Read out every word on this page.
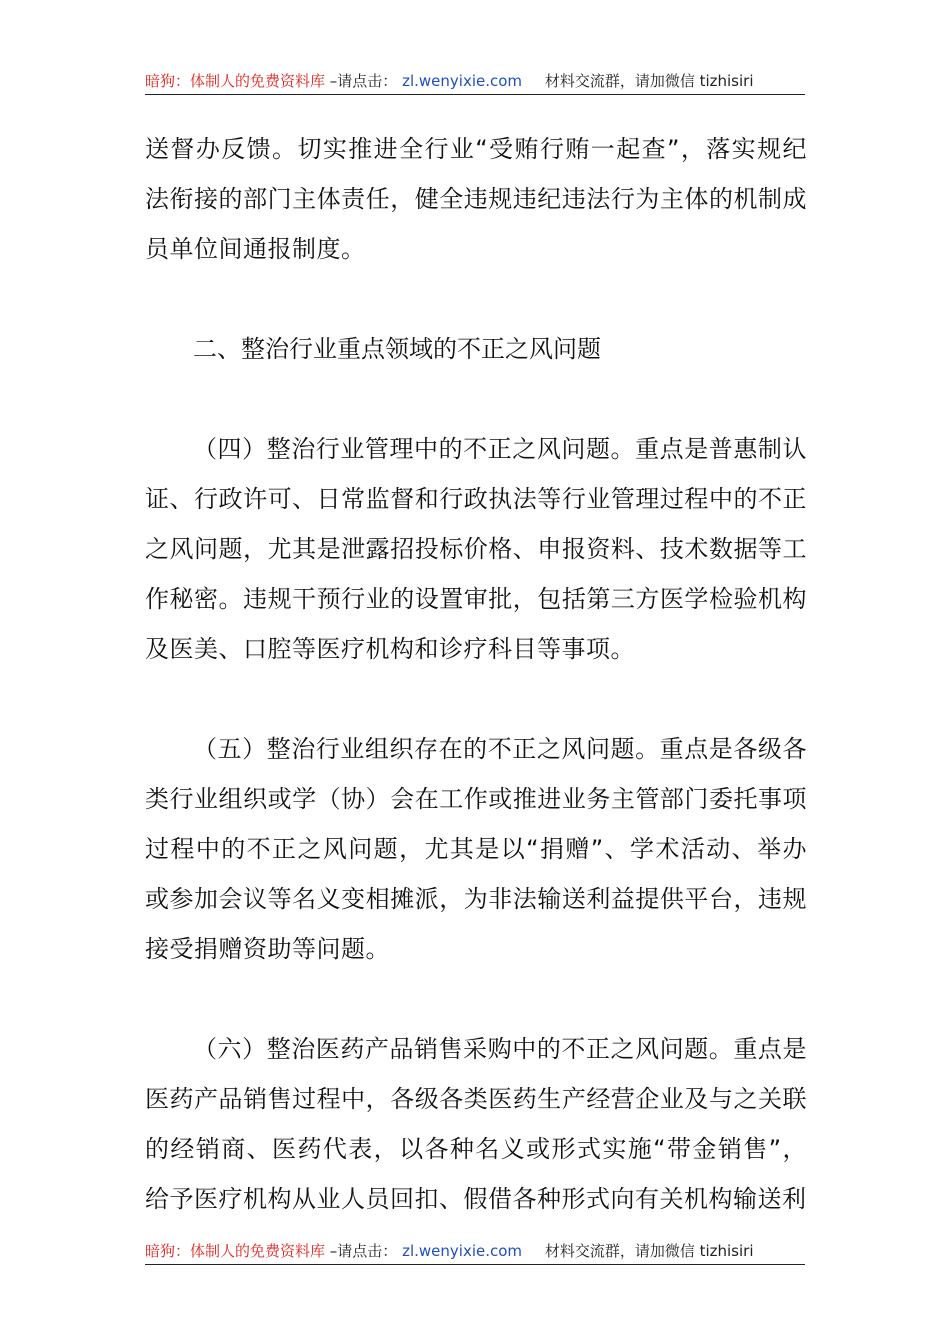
暗狗：体制人的免费资料库 –请点击： zl.wenyixie.com 材料交流群，请加微信 tizhisiri

送督办反馈。切实推进全行业“受贿行贿一起查”，落实规纪法衔接的部门主体责任，健全违规违纪违法行为主体的机制成员单位间通报制度。

二、整治行业重点领域的不正之风问题

（四）整治行业管理中的不正之风问题。重点是普惠制认证、行政许可、日常监督和行政执法等行业管理过程中的不正之风问题，尤其是泄露招投标价格、申报资料、技术数据等工作秘密。违规干预行业的设置审批，包括第三方医学检验机构及医美、口腔等医疗机构和诊疗科目等事项。

（五）整治行业组织存在的不正之风问题。重点是各级各类行业组织或学（协）会在工作或推进业务主管部门委托事项过程中的不正之风问题，尤其是以“捐赠”、学术活动、举办或参加会议等名义变相摊派，为非法输送利益提供平台，违规接受捐赠资助等问题。

（六）整治医药产品销售采购中的不正之风问题。重点是医药产品销售过程中，各级各类医药生产经营企业及与之关联的经销商、医药代表，以各种名义或形式实施“带金销售”，给予医疗机构从业人员回扣、假借各种形式向有关机构输送利

暗狗：体制人的免费资料库 –请点击： zl.wenyixie.com 材料交流群，请加微信 tizhisiri
